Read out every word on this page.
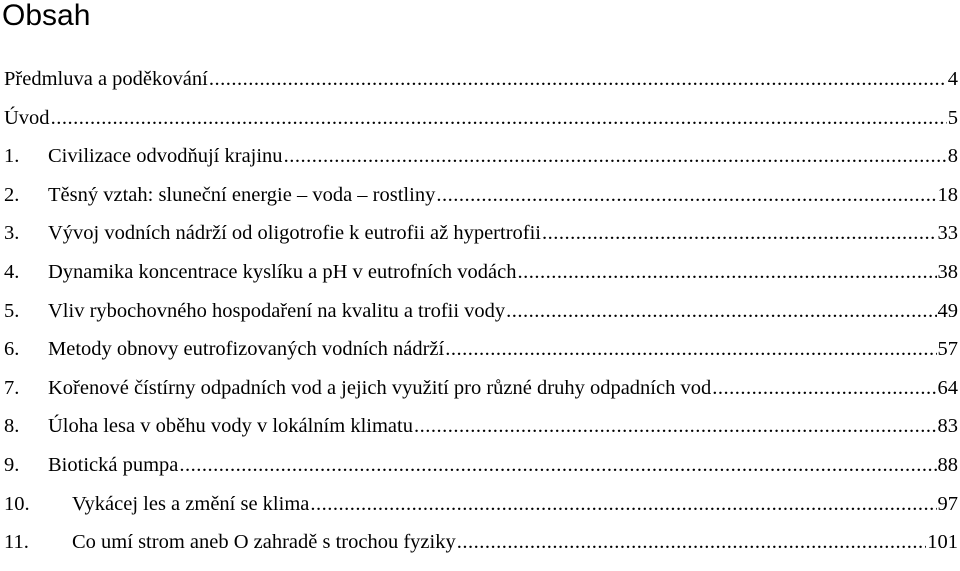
Obsah
Předmluva a poděkování .....	4
Úvod .....	5
1.	Civilizace odvodňují krajinu .....	8
2.	Těsný vztah: sluneční energie – voda – rostliny .....	18
3.	Vývoj vodních nádrží od oligotrofie k eutrofii až hypertrofii .....	33
4.	Dynamika koncentrace kyslíku a pH v eutrofních vodách .....	38
5.	Vliv rybochovného hospodaření na kvalitu a trofii vody .....	49
6.	Metody obnovy eutrofizovaných vodních nádrží .....	57
7.	Kořenové čístírny odpadních vod a jejich využití pro různé druhy odpadních vod .....	64
8.	Úloha lesa v oběhu vody v lokálním klimatu .....	83
9.	Biotická pumpa .....	88
10.	Vykácej les a změní se klima .....	97
11.	Co umí strom aneb O zahradě s trochou fyziky .....	101
